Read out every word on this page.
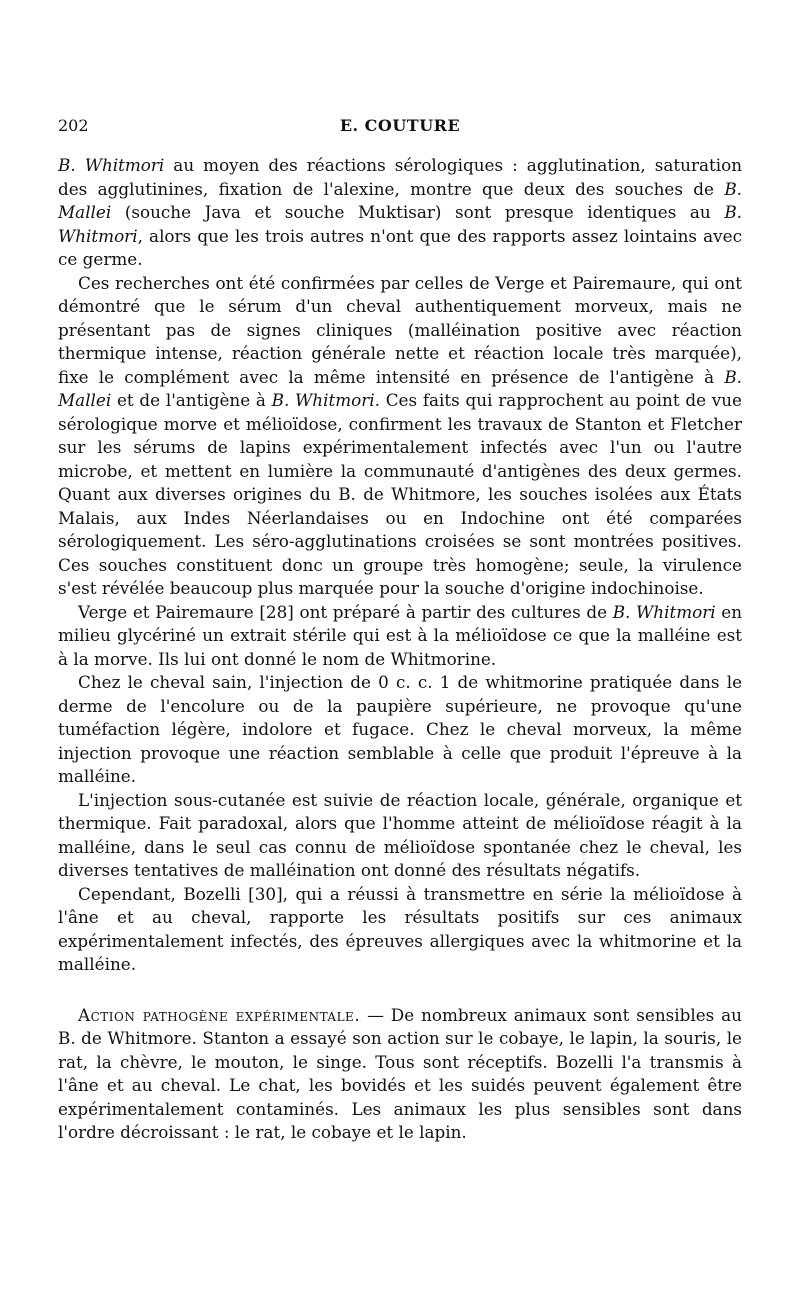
202	E. COUTURE

B. Whitmori au moyen des réactions sérologiques : agglutination, saturation des agglutinines, fixation de l'alexine, montre que deux des souches de B. Mallei (souche Java et souche Muktisar) sont presque identiques au B. Whitmori, alors que les trois autres n'ont que des rapports assez lointains avec ce germe.

Ces recherches ont été confirmées par celles de Verge et Pairemaure, qui ont démontré que le sérum d'un cheval authentiquement morveux, mais ne présentant pas de signes cliniques (malléination positive avec réaction thermique intense, réaction générale nette et réaction locale très marquée), fixe le complément avec la même intensité en présence de l'antigène à B. Mallei et de l'antigène à B. Whitmori. Ces faits qui rapprochent au point de vue sérologique morve et mélioïdose, confirment les travaux de Stanton et Fletcher sur les sérums de lapins expérimentalement infectés avec l'un ou l'autre microbe, et mettent en lumière la communauté d'antigènes des deux germes. Quant aux diverses origines du B. de Whitmore, les souches isolées aux États Malais, aux Indes Néerlandaises ou en Indochine ont été comparées sérologiquement. Les séro-agglutinations croisées se sont montrées positives. Ces souches constituent donc un groupe très homogène; seule, la virulence s'est révélée beaucoup plus marquée pour la souche d'origine indochinoise.

Verge et Pairemaure [28] ont préparé à partir des cultures de B. Whitmori en milieu glycériné un extrait stérile qui est à la mélioïdose ce que la malléine est à la morve. Ils lui ont donné le nom de Whitmorine.

Chez le cheval sain, l'injection de 0 c. c. 1 de whitmorine pratiquée dans le derme de l'encolure ou de la paupière supérieure, ne provoque qu'une tuméfaction légère, indolore et fugace. Chez le cheval morveux, la même injection provoque une réaction semblable à celle que produit l'épreuve à la malléine.

L'injection sous-cutanée est suivie de réaction locale, générale, organique et thermique. Fait paradoxal, alors que l'homme atteint de mélioïdose réagit à la malléine, dans le seul cas connu de mélioïdose spontanée chez le cheval, les diverses tentatives de malléination ont donné des résultats négatifs.

Cependant, Bozelli [30], qui a réussi à transmettre en série la mélioïdose à l'âne et au cheval, rapporte les résultats positifs sur ces animaux expérimentalement infectés, des épreuves allergiques avec la whitmorine et la malléine.

Action pathogène expérimentale. — De nombreux animaux sont sensibles au B. de Whitmore. Stanton a essayé son action sur le cobaye, le lapin, la souris, le rat, la chèvre, le mouton, le singe. Tous sont réceptifs. Bozelli l'a transmis à l'âne et au cheval. Le chat, les bovidés et les suidés peuvent également être expérimentalement contaminés. Les animaux les plus sensibles sont dans l'ordre décroissant : le rat, le cobaye et le lapin.
